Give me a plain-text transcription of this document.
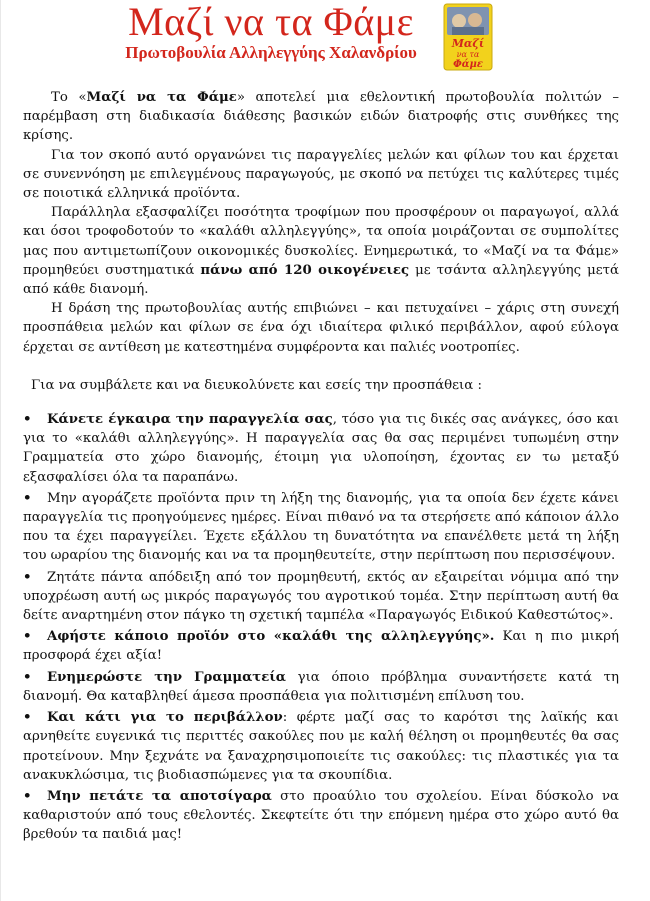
Μαζί να τα Φάμε
Πρωτοβουλία Αλληλεγγύης Χαλανδρίου	Μαζί
να τα
Φάμε

Το «Μαζί να τα Φάμε» αποτελεί μια εθελοντική πρωτοβουλία πολιτών – παρέμβαση στη διαδικασία διάθεσης βασικών ειδών διατροφής στις συνθήκες της κρίσης.

Για τον σκοπό αυτό οργανώνει τις παραγγελίες μελών και φίλων του και έρχεται σε συνεννόηση με επιλεγμένους παραγωγούς, με σκοπό να πετύχει τις καλύτερες τιμές σε ποιοτικά ελληνικά προϊόντα.

Παράλληλα εξασφαλίζει ποσότητα τροφίμων που προσφέρουν οι παραγωγοί, αλλά και όσοι τροφοδοτούν το «καλάθι αλληλεγγύης», τα οποία μοιράζονται σε συμπολίτες μας που αντιμετωπίζουν οικονομικές δυσκολίες. Ενημερωτικά, το «Μαζί να τα Φάμε» προμηθεύει συστηματικά πάνω από 120 οικογένειες με τσάντα αλληλεγγύης μετά από κάθε διανομή.

Η δράση της πρωτοβουλίας αυτής επιβιώνει – και πετυχαίνει – χάρις στη συνεχή προσπάθεια μελών και φίλων σε ένα όχι ιδιαίτερα φιλικό περιβάλλον, αφού εύλογα έρχεται σε αντίθεση με κατεστημένα συμφέροντα και παλιές νοοτροπίες.

Για να συμβάλετε και να διευκολύνετε και εσείς την προσπάθεια :

• Κάνετε έγκαιρα την παραγγελία σας, τόσο για τις δικές σας ανάγκες, όσο και για το «καλάθι αλληλεγγύης». Η παραγγελία σας θα σας περιμένει τυπωμένη στην Γραμματεία στο χώρο διανομής, έτοιμη για υλοποίηση, έχοντας εν τω μεταξύ εξασφαλίσει όλα τα παραπάνω.

• Μην αγοράζετε προϊόντα πριν τη λήξη της διανομής, για τα οποία δεν έχετε κάνει παραγγελία τις προηγούμενες ημέρες. Είναι πιθανό να τα στερήσετε από κάποιον άλλο που τα έχει παραγγείλει. Έχετε εξάλλου τη δυνατότητα να επανέλθετε μετά τη λήξη του ωραρίου της διανομής και να τα προμηθευτείτε, στην περίπτωση που περισσέψουν.

• Ζητάτε πάντα απόδειξη από τον προμηθευτή, εκτός αν εξαιρείται νόμιμα από την υποχρέωση αυτή ως μικρός παραγωγός του αγροτικού τομέα. Στην περίπτωση αυτή θα δείτε αναρτημένη στον πάγκο τη σχετική ταμπέλα «Παραγωγός Ειδικού Καθεστώτος».

• Αφήστε κάποιο προϊόν στο «καλάθι της αλληλεγγύης». Και η πιο μικρή προσφορά έχει αξία!

• Ενημερώστε την Γραμματεία για όποιο πρόβλημα συναντήσετε κατά τη διανομή. Θα καταβληθεί άμεσα προσπάθεια για πολιτισμένη επίλυση του.

• Και κάτι για το περιβάλλον: φέρτε μαζί σας το καρότσι της λαϊκής και αρνηθείτε ευγενικά τις περιττές σακούλες που με καλή θέληση οι προμηθευτές θα σας προτείνουν. Μην ξεχνάτε να ξαναχρησιμοποιείτε τις σακούλες: τις πλαστικές για τα ανακυκλώσιμα, τις βιοδιασπώμενες για τα σκουπίδια.

• Μην πετάτε τα αποτσίγαρα στο προαύλιο του σχολείου. Είναι δύσκολο να καθαριστούν από τους εθελοντές. Σκεφτείτε ότι την επόμενη ημέρα στο χώρο αυτό θα βρεθούν τα παιδιά μας!
